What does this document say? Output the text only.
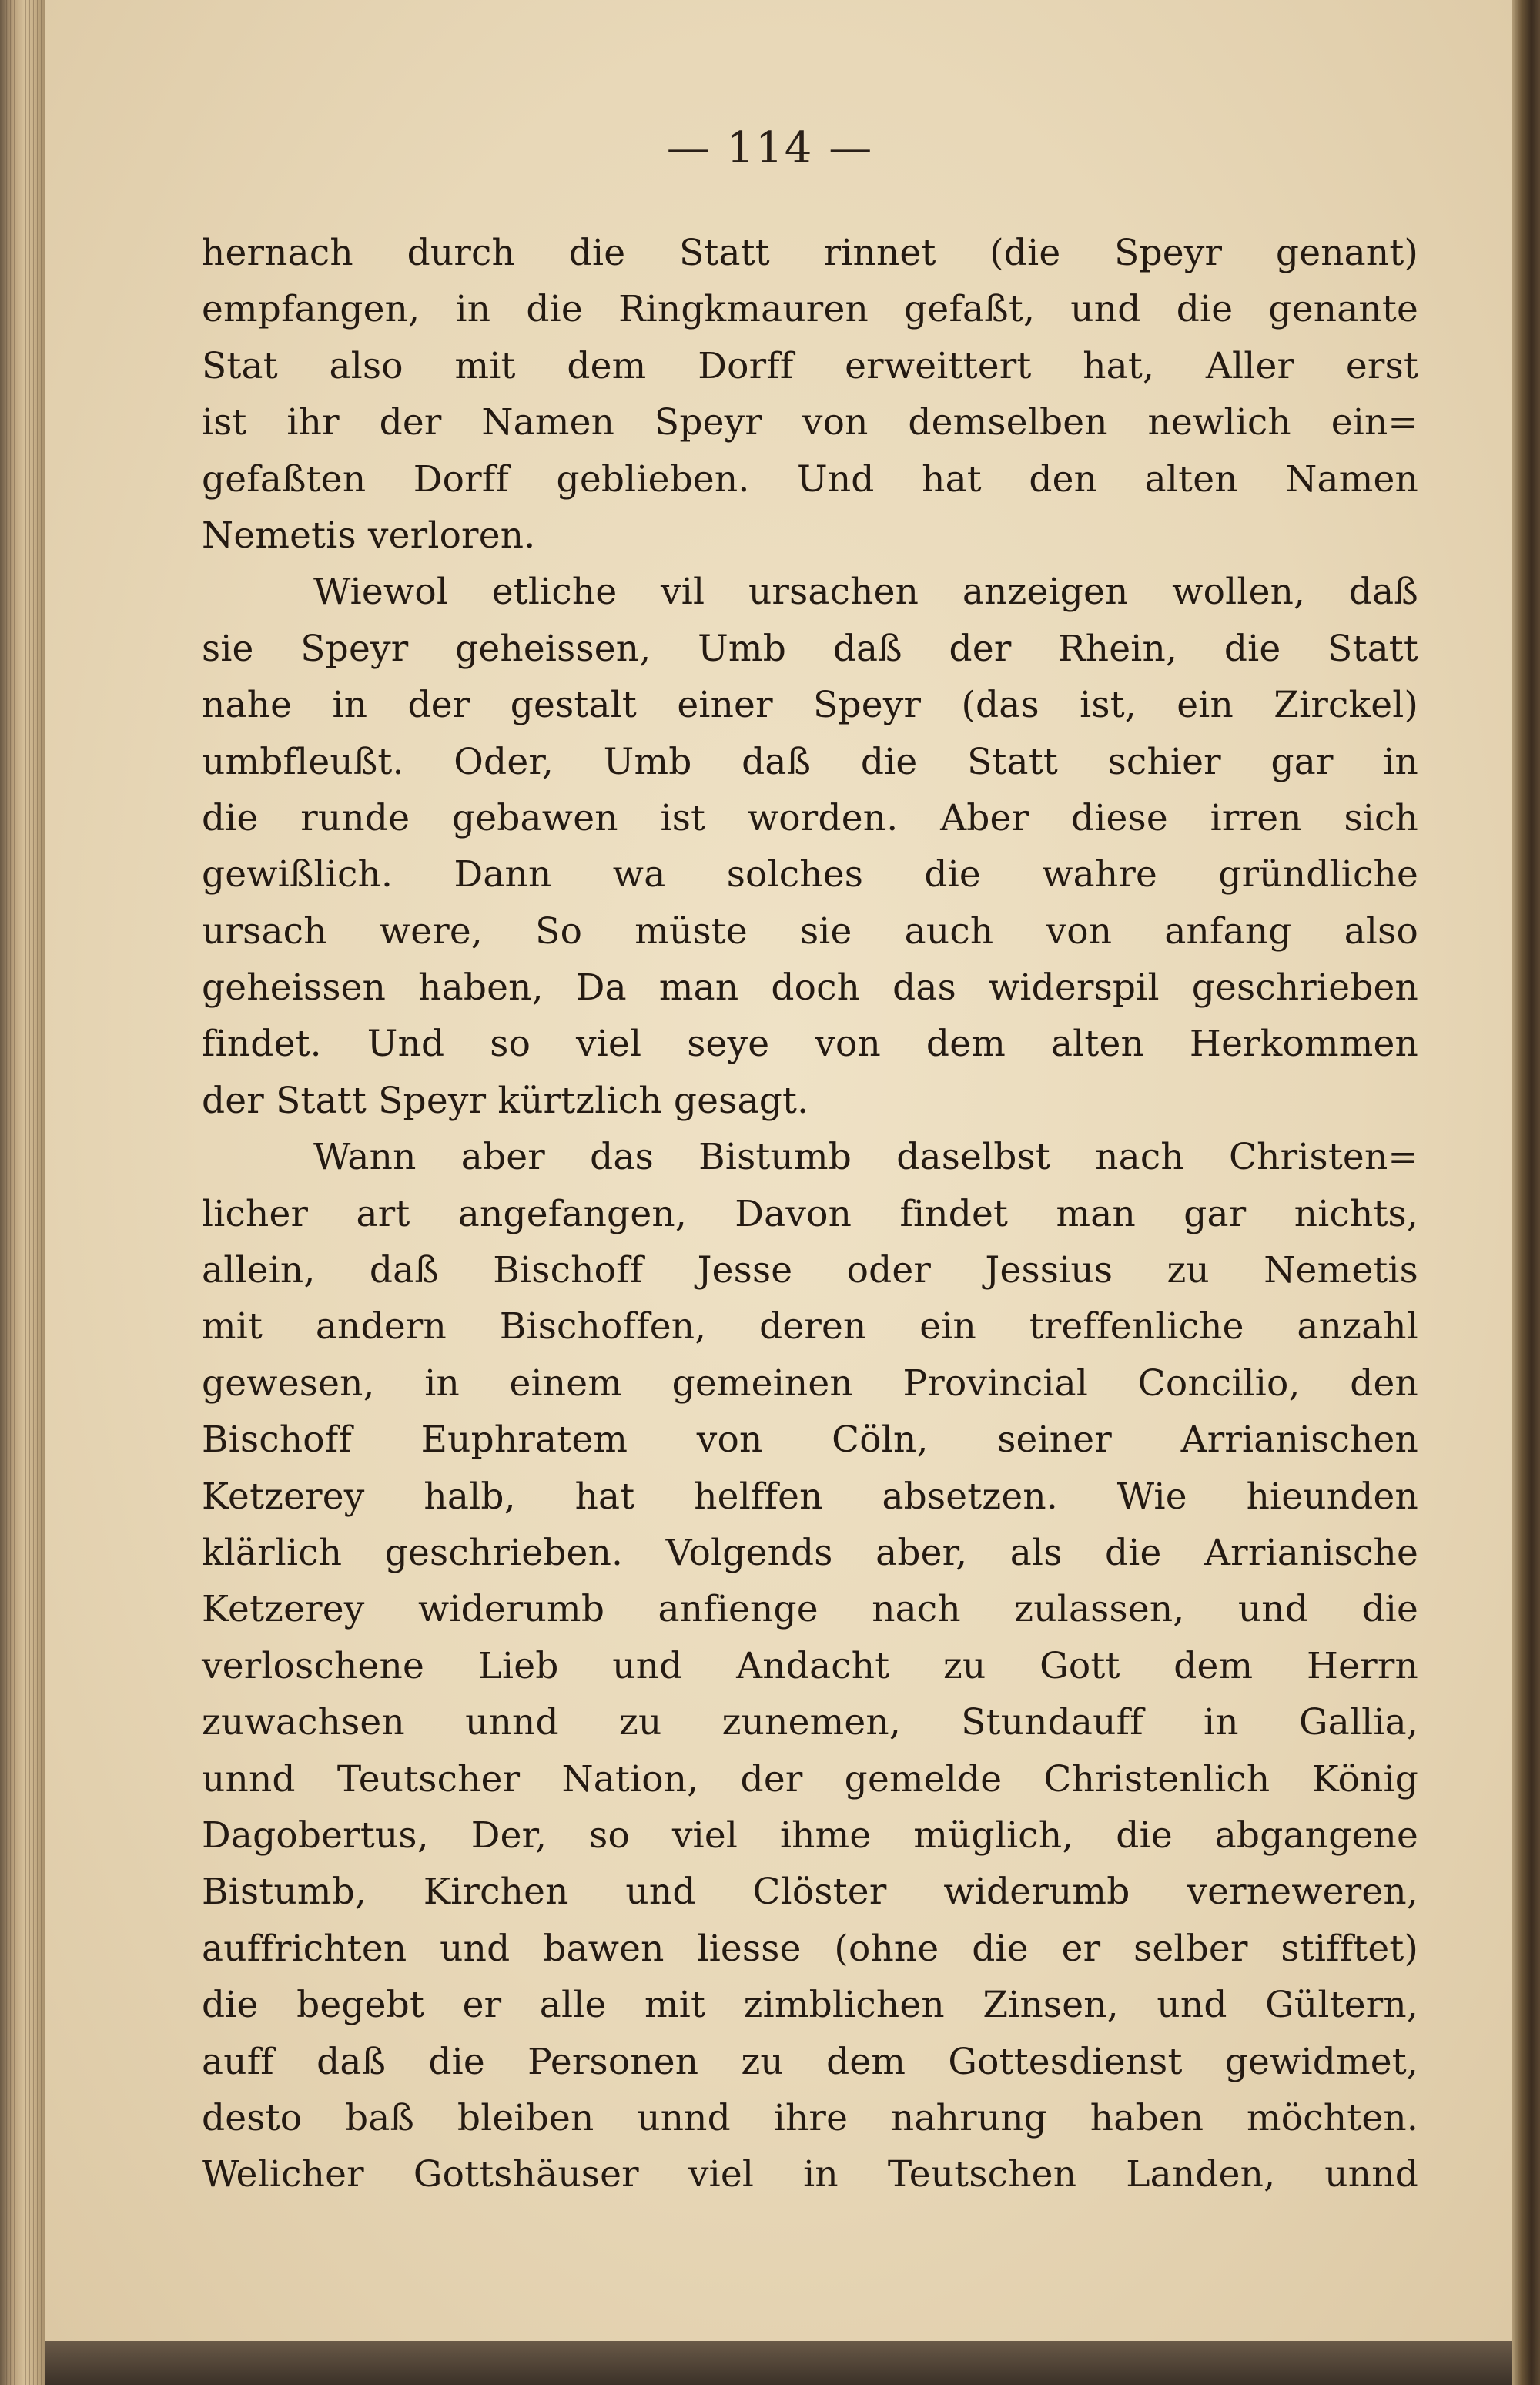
— 114 —
hernach durch die Statt rinnet (die Speyr genant)
empfangen, in die Ringkmauren gefaßt, und die genante
Stat also mit dem Dorff erweittert hat, Aller erst
ist ihr der Namen Speyr von demselben newlich ein=
gefaßten Dorff geblieben. Und hat den alten Namen
Nemetis verloren.
Wiewol etliche vil ursachen anzeigen wollen, daß
sie Speyr geheissen, Umb daß der Rhein, die Statt
nahe in der gestalt einer Speyr (das ist, ein Zirckel)
umbfleußt. Oder, Umb daß die Statt schier gar in
die runde gebawen ist worden. Aber diese irren sich
gewißlich. Dann wa solches die wahre gründliche
ursach were, So müste sie auch von anfang also
geheissen haben, Da man doch das widerspil geschrieben
findet. Und so viel seye von dem alten Herkommen
der Statt Speyr kürtzlich gesagt.
Wann aber das Bistumb daselbst nach Christen=
licher art angefangen, Davon findet man gar nichts,
allein, daß Bischoff Jesse oder Jessius zu Nemetis
mit andern Bischoffen, deren ein treffenliche anzahl
gewesen, in einem gemeinen Provincial Concilio, den
Bischoff Euphratem von Cöln, seiner Arrianischen
Ketzerey halb, hat helffen absetzen. Wie hieunden
klärlich geschrieben. Volgends aber, als die Arrianische
Ketzerey widerumb anfienge nach zulassen, und die
verloschene Lieb und Andacht zu Gott dem Herrn
zuwachsen unnd zu zunemen, Stundauff in Gallia,
unnd Teutscher Nation, der gemelde Christenlich König
Dagobertus, Der, so viel ihme müglich, die abgangene
Bistumb, Kirchen und Clöster widerumb verneweren,
auffrichten und bawen liesse (ohne die er selber stifftet)
die begebt er alle mit zimblichen Zinsen, und Gültern,
auff daß die Personen zu dem Gottesdienst gewidmet,
desto baß bleiben unnd ihre nahrung haben möchten.
Welicher Gottshäuser viel in Teutschen Landen, unnd
